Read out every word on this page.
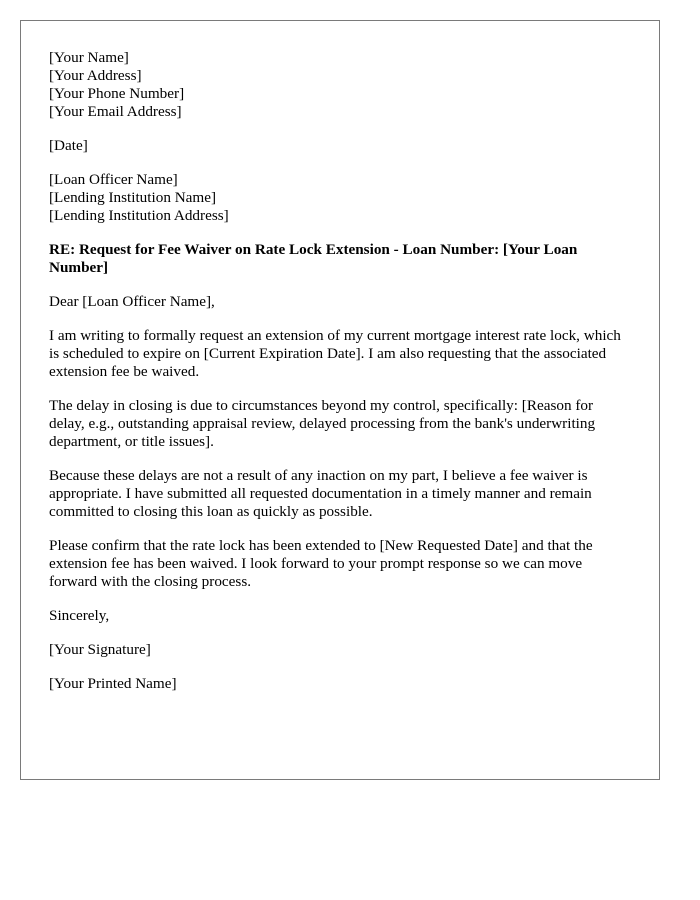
[Your Name]
[Your Address]
[Your Phone Number]
[Your Email Address]
[Date]
[Loan Officer Name]
[Lending Institution Name]
[Lending Institution Address]
RE: Request for Fee Waiver on Rate Lock Extension - Loan Number: [Your Loan Number]
Dear [Loan Officer Name],
I am writing to formally request an extension of my current mortgage interest rate lock, which is scheduled to expire on [Current Expiration Date]. I am also requesting that the associated extension fee be waived.
The delay in closing is due to circumstances beyond my control, specifically: [Reason for delay, e.g., outstanding appraisal review, delayed processing from the bank's underwriting department, or title issues].
Because these delays are not a result of any inaction on my part, I believe a fee waiver is appropriate. I have submitted all requested documentation in a timely manner and remain committed to closing this loan as quickly as possible.
Please confirm that the rate lock has been extended to [New Requested Date] and that the extension fee has been waived. I look forward to your prompt response so we can move forward with the closing process.
Sincerely,
[Your Signature]
[Your Printed Name]
